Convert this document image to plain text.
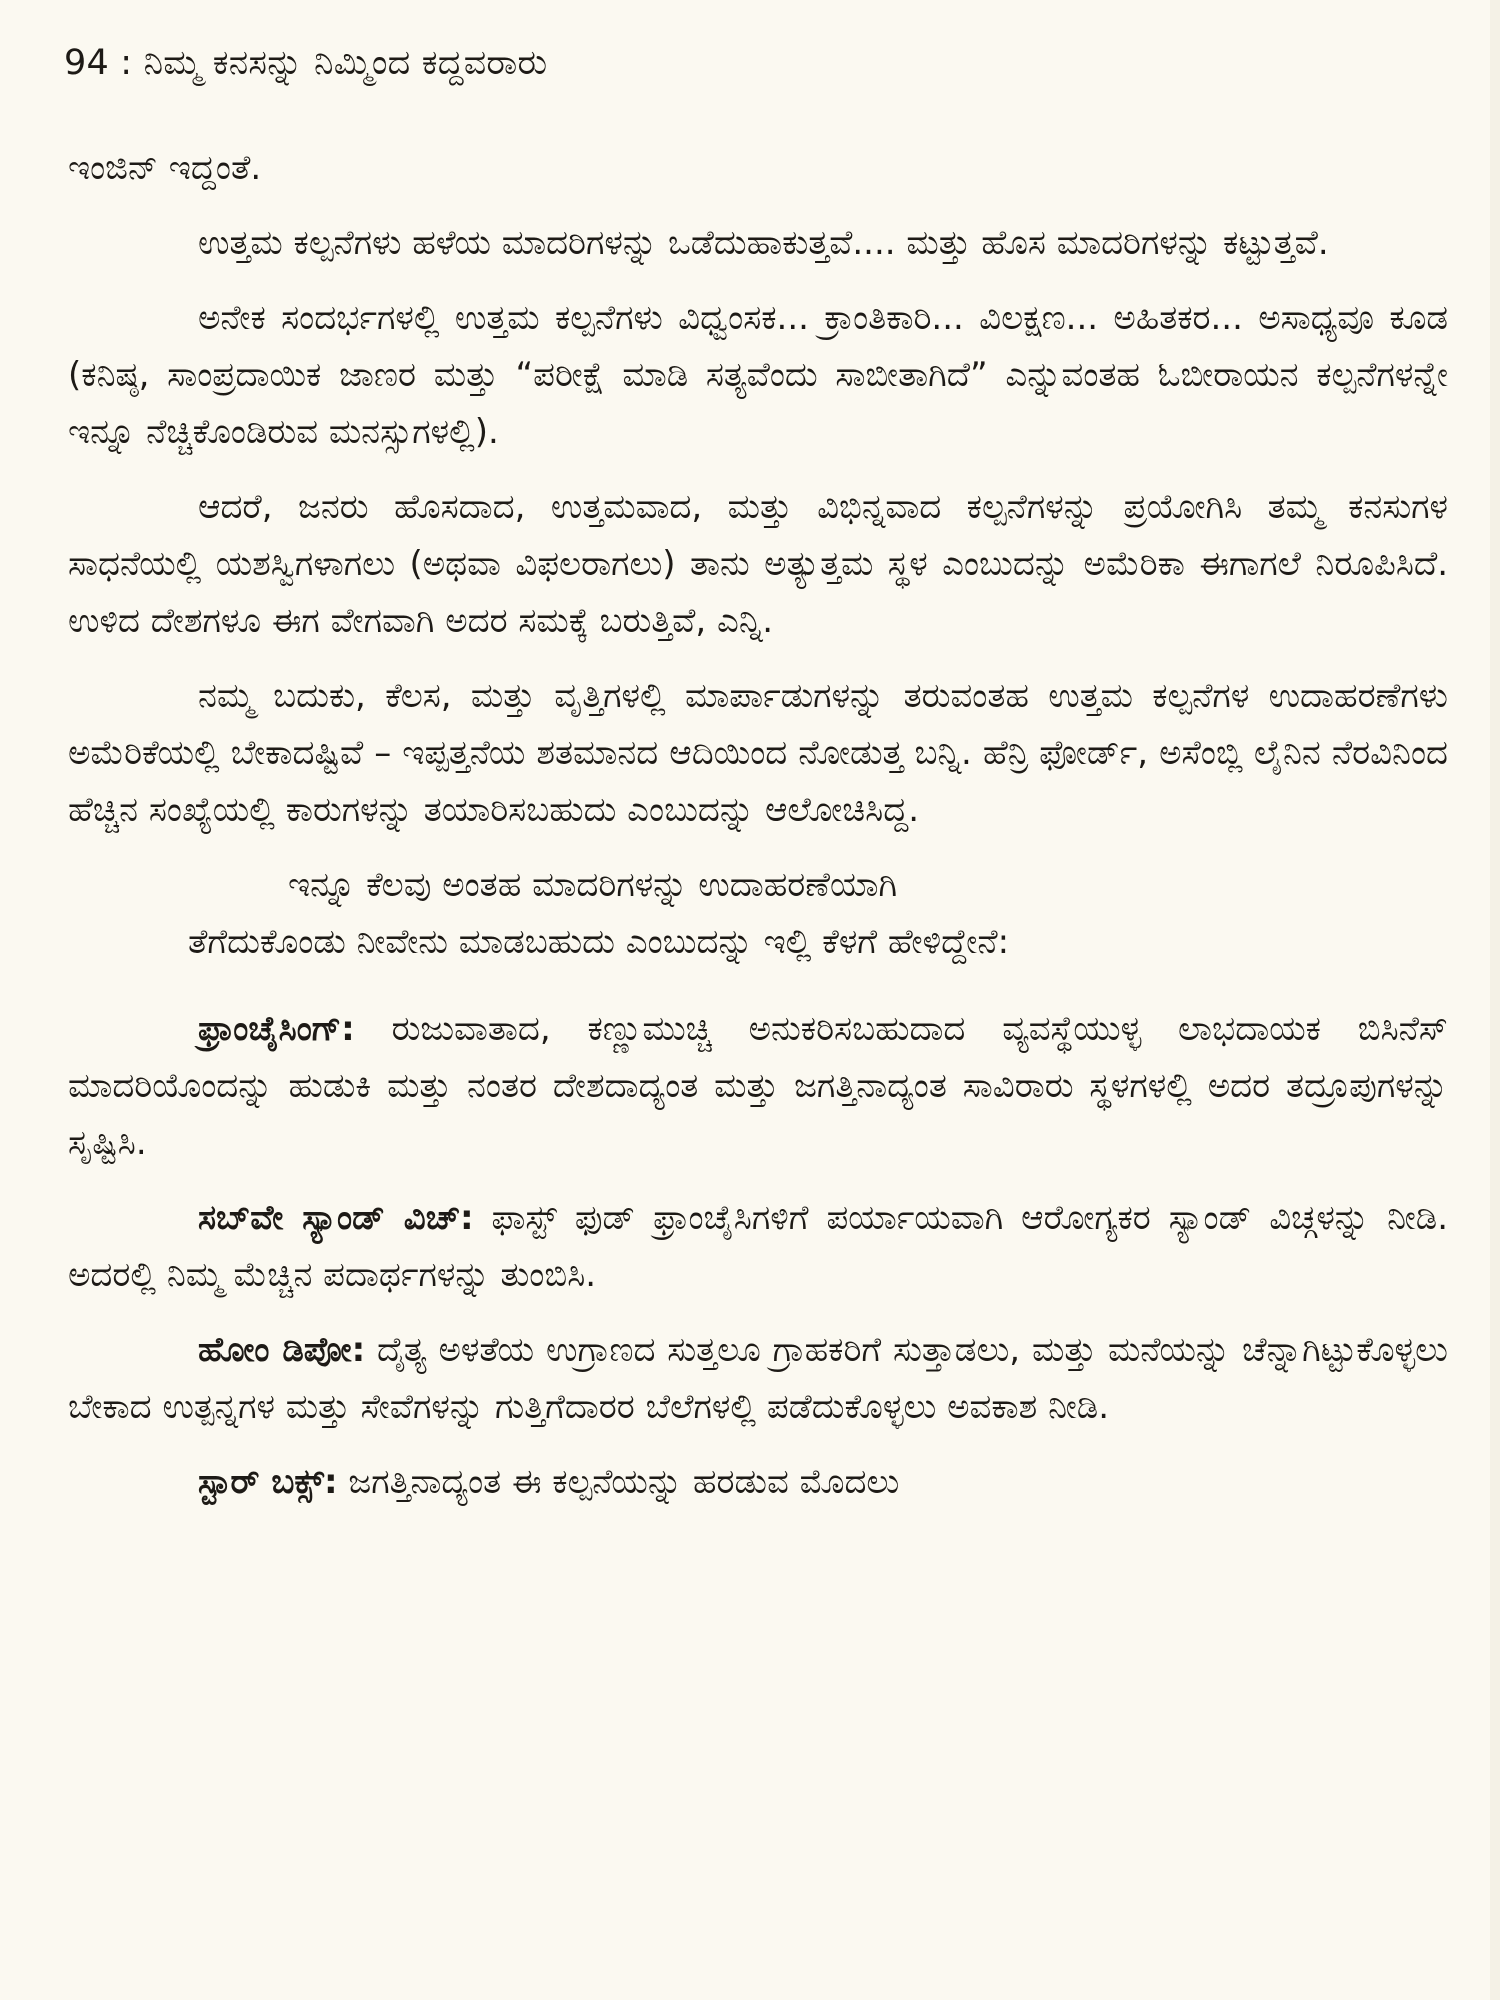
94 : ನಿಮ್ಮ ಕನಸನ್ನು ನಿಮ್ಮಿಂದ ಕದ್ದವರಾರು

ಇಂಜಿನ್ ಇದ್ದಂತೆ.

ಉತ್ತಮ ಕಲ್ಪನೆಗಳು ಹಳೆಯ ಮಾದರಿಗಳನ್ನು ಒಡೆದುಹಾಕುತ್ತವೆ.... ಮತ್ತು ಹೊಸ ಮಾದರಿಗಳನ್ನು ಕಟ್ಟುತ್ತವೆ.

ಅನೇಕ ಸಂದರ್ಭಗಳಲ್ಲಿ ಉತ್ತಮ ಕಲ್ಪನೆಗಳು ವಿಧ್ವಂಸಕ... ಕ್ರಾಂತಿಕಾರಿ... ವಿಲಕ್ಷಣ... ಅಹಿತಕರ... ಅಸಾಧ್ಯವೂ ಕೂಡ (ಕನಿಷ್ಠ, ಸಾಂಪ್ರದಾಯಿಕ ಜಾಣರ ಮತ್ತು “ಪರೀಕ್ಷೆ ಮಾಡಿ ಸತ್ಯವೆಂದು ಸಾಬೀತಾಗಿದೆ” ಎನ್ನುವಂತಹ ಓಬೀರಾಯನ ಕಲ್ಪನೆಗಳನ್ನೇ ಇನ್ನೂ ನೆಚ್ಚಿಕೊಂಡಿರುವ ಮನಸ್ಸುಗಳಲ್ಲಿ).

ಆದರೆ, ಜನರು ಹೊಸದಾದ, ಉತ್ತಮವಾದ, ಮತ್ತು ವಿಭಿನ್ನವಾದ ಕಲ್ಪನೆಗಳನ್ನು ಪ್ರಯೋಗಿಸಿ ತಮ್ಮ ಕನಸುಗಳ ಸಾಧನೆಯಲ್ಲಿ ಯಶಸ್ವಿಗಳಾಗಲು (ಅಥವಾ ವಿಫಲರಾಗಲು) ತಾನು ಅತ್ಯುತ್ತಮ ಸ್ಥಳ ಎಂಬುದನ್ನು ಅಮೆರಿಕಾ ಈಗಾಗಲೆ ನಿರೂಪಿಸಿದೆ. ಉಳಿದ ದೇಶಗಳೂ ಈಗ ವೇಗವಾಗಿ ಅದರ ಸಮಕ್ಕೆ ಬರುತ್ತಿವೆ, ಎನ್ನಿ.

ನಮ್ಮ ಬದುಕು, ಕೆಲಸ, ಮತ್ತು ವೃತ್ತಿಗಳಲ್ಲಿ ಮಾರ್ಪಾಡುಗಳನ್ನು ತರುವಂತಹ ಉತ್ತಮ ಕಲ್ಪನೆಗಳ ಉದಾಹರಣೆಗಳು ಅಮೆರಿಕೆಯಲ್ಲಿ ಬೇಕಾದಷ್ಟಿವೆ – ಇಪ್ಪತ್ತನೆಯ ಶತಮಾನದ ಆದಿಯಿಂದ ನೋಡುತ್ತ ಬನ್ನಿ. ಹೆನ್ರಿ ಫೋರ್ಡ್, ಅಸೆಂಬ್ಲಿ ಲೈನಿನ ನೆರವಿನಿಂದ ಹೆಚ್ಚಿನ ಸಂಖ್ಯೆಯಲ್ಲಿ ಕಾರುಗಳನ್ನು ತಯಾರಿಸಬಹುದು ಎಂಬುದನ್ನು ಆಲೋಚಿಸಿದ್ದ.

ಇನ್ನೂ ಕೆಲವು ಅಂತಹ ಮಾದರಿಗಳನ್ನು ಉದಾಹರಣೆಯಾಗಿ
ತೆಗೆದುಕೊಂಡು ನೀವೇನು ಮಾಡಬಹುದು ಎಂಬುದನ್ನು ಇಲ್ಲಿ ಕೆಳಗೆ ಹೇಳಿದ್ದೇನೆ:

ಫ್ರಾಂಚೈಸಿಂಗ್: ರುಜುವಾತಾದ, ಕಣ್ಣುಮುಚ್ಚಿ ಅನುಕರಿಸಬಹುದಾದ ವ್ಯವಸ್ಥೆಯುಳ್ಳ ಲಾಭದಾಯಕ ಬಿಸಿನೆಸ್ ಮಾದರಿಯೊಂದನ್ನು ಹುಡುಕಿ ಮತ್ತು ನಂತರ ದೇಶದಾದ್ಯಂತ ಮತ್ತು ಜಗತ್ತಿನಾದ್ಯಂತ ಸಾವಿರಾರು ಸ್ಥಳಗಳಲ್ಲಿ ಅದರ ತದ್ರೂಪುಗಳನ್ನು ಸೃಷ್ಟಿಸಿ.

ಸಬ್‌ವೇ ಸ್ಯಾಂಡ್ ವಿಚ್: ಫಾಸ್ಟ್ ಫುಡ್ ಫ್ರಾಂಚೈಸಿಗಳಿಗೆ ಪರ್ಯಾಯವಾಗಿ ಆರೋಗ್ಯಕರ ಸ್ಯಾಂಡ್ ವಿಚ್ಗಳನ್ನು ನೀಡಿ. ಅದರಲ್ಲಿ ನಿಮ್ಮ ಮೆಚ್ಚಿನ ಪದಾರ್ಥಗಳನ್ನು ತುಂಬಿಸಿ.

ಹೋಂ ಡಿಪೋ: ದೈತ್ಯ ಅಳತೆಯ ಉಗ್ರಾಣದ ಸುತ್ತಲೂ ಗ್ರಾಹಕರಿಗೆ ಸುತ್ತಾಡಲು, ಮತ್ತು ಮನೆಯನ್ನು ಚೆನ್ನಾಗಿಟ್ಟುಕೊಳ್ಳಲು ಬೇಕಾದ ಉತ್ಪನ್ನಗಳ ಮತ್ತು ಸೇವೆಗಳನ್ನು ಗುತ್ತಿಗೆದಾರರ ಬೆಲೆಗಳಲ್ಲಿ ಪಡೆದುಕೊಳ್ಳಲು ಅವಕಾಶ ನೀಡಿ.

ಸ್ಟಾರ್ ಬಕ್ಸ್: ಜಗತ್ತಿನಾದ್ಯಂತ ಈ ಕಲ್ಪನೆಯನ್ನು ಹರಡುವ ಮೊದಲು
